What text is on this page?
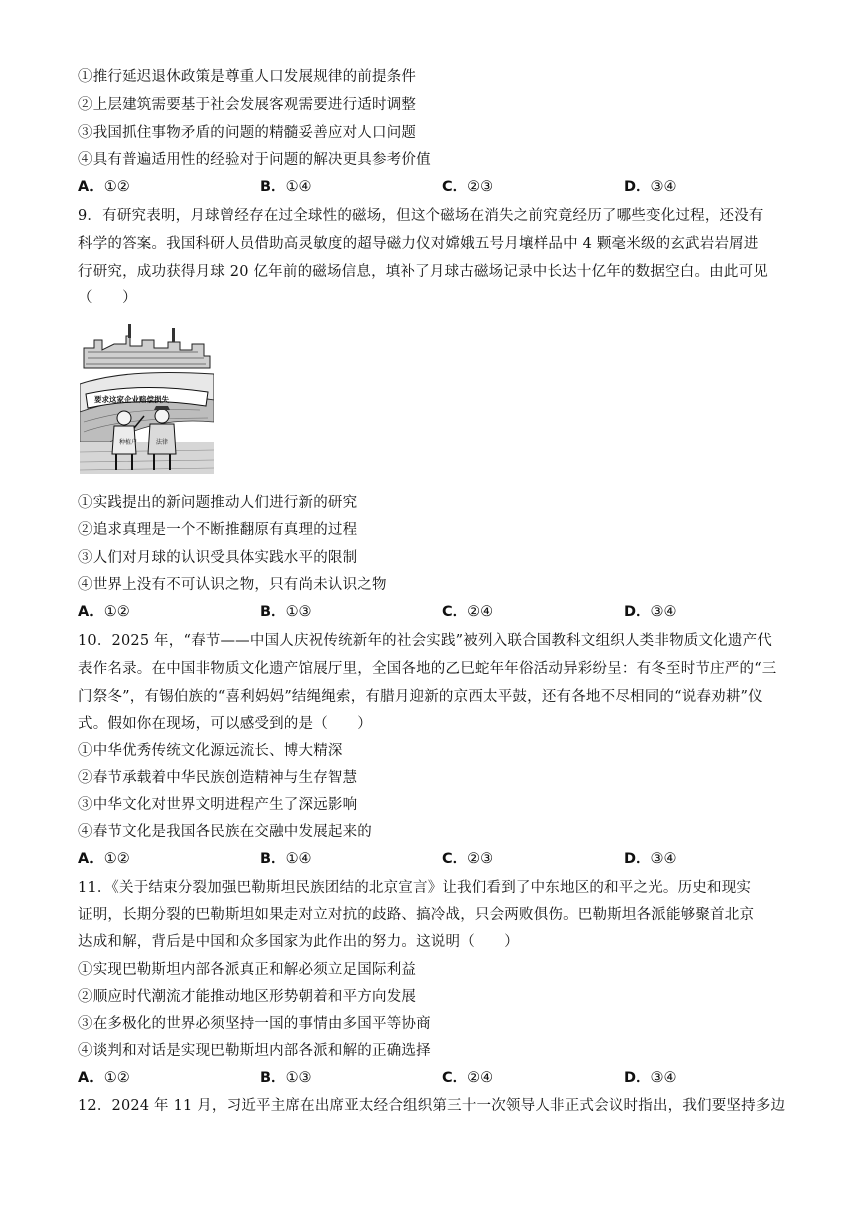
①推行延迟退休政策是尊重人口发展规律的前提条件
②上层建筑需要基于社会发展客观需要进行适时调整
③我国抓住事物矛盾的问题的精髓妥善应对人口问题
④具有普遍适用性的经验对于问题的解决更具参考价值
A．①②	B．①④	C．②③	D．③④
9．有研究表明，月球曾经存在过全球性的磁场，但这个磁场在消失之前究竟经历了哪些变化过程，还没有
科学的答案。我国科研人员借助高灵敏度的超导磁力仪对嫦娥五号月壤样品中 4 颗毫米级的玄武岩岩屑进
行研究，成功获得月球 20 亿年前的磁场信息，填补了月球古磁场记录中长达十亿年的数据空白。由此可见
（　　）
要求这家企业赔偿损失
种植户	法律
①实践提出的新问题推动人们进行新的研究
②追求真理是一个不断推翻原有真理的过程
③人们对月球的认识受具体实践水平的限制
④世界上没有不可认识之物，只有尚未认识之物
A．①②	B．①③	C．②④	D．③④
10．2025 年，“春节——中国人庆祝传统新年的社会实践”被列入联合国教科文组织人类非物质文化遗产代
表作名录。在中国非物质文化遗产馆展厅里，全国各地的乙巳蛇年年俗活动异彩纷呈：有冬至时节庄严的“三
门祭冬”，有锡伯族的“喜利妈妈”结绳绳索，有腊月迎新的京西太平鼓，还有各地不尽相同的“说春劝耕”仪
式。假如你在现场，可以感受到的是（　　）
①中华优秀传统文化源远流长、博大精深
②春节承载着中华民族创造精神与生存智慧
③中华文化对世界文明进程产生了深远影响
④春节文化是我国各民族在交融中发展起来的
A．①②	B．①④	C．②③	D．③④
11．《关于结束分裂加强巴勒斯坦民族团结的北京宣言》让我们看到了中东地区的和平之光。历史和现实
证明，长期分裂的巴勒斯坦如果走对立对抗的歧路、搞冷战，只会两败俱伤。巴勒斯坦各派能够聚首北京
达成和解，背后是中国和众多国家为此作出的努力。这说明（　　）
①实现巴勒斯坦内部各派真正和解必须立足国际利益
②顺应时代潮流才能推动地区形势朝着和平方向发展
③在多极化的世界必须坚持一国的事情由多国平等协商
④谈判和对话是实现巴勒斯坦内部各派和解的正确选择
A．①②	B．①③	C．②④	D．③④
12．2024 年 11 月，习近平主席在出席亚太经合组织第三十一次领导人非正式会议时指出，我们要坚持多边
